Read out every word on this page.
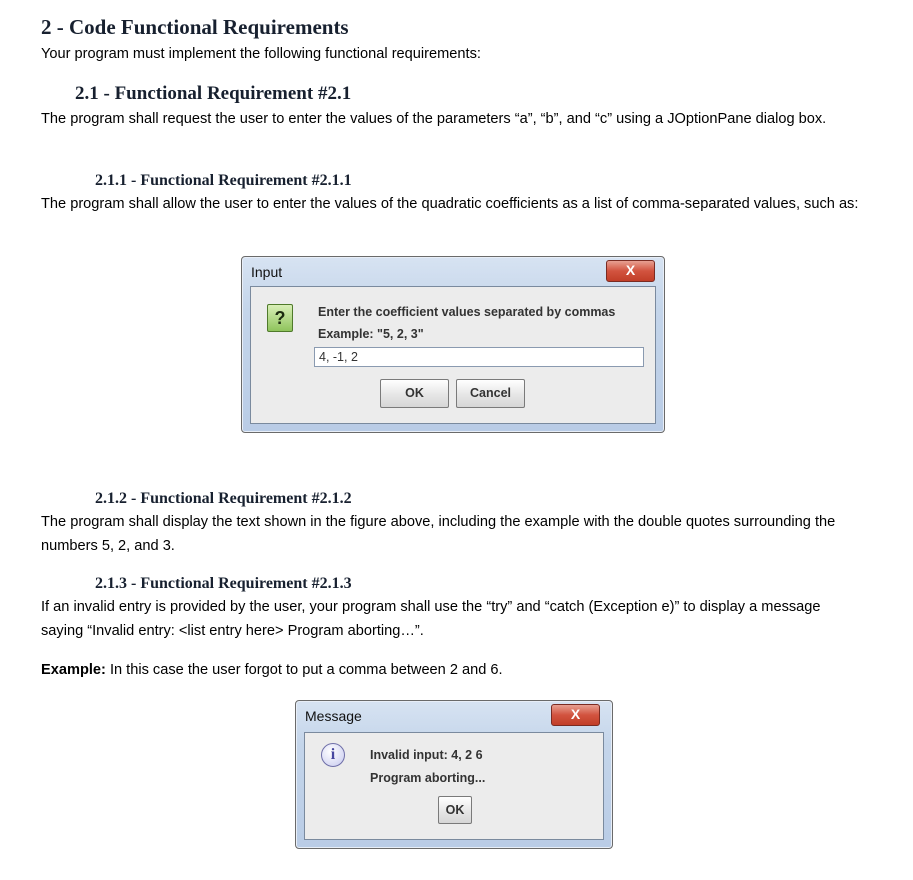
2 - Code Functional Requirements
Your program must implement the following functional requirements:
2.1 - Functional Requirement #2.1
The program shall request the user to enter the values of the parameters “a”, “b”, and “c” using a JOptionPane dialog box.
2.1.1 - Functional Requirement #2.1.1
The program shall allow the user to enter the values of the quadratic coefficients as a list of comma-separated values, such as:
Input	X
?	Enter the coefficient values separated by commas
Example: "5, 2, 3"
4, -1, 2
OK	Cancel
2.1.2 - Functional Requirement #2.1.2
The program shall display the text shown in the figure above, including the example with the double quotes surrounding the numbers 5, 2, and 3.
2.1.3 - Functional Requirement #2.1.3
If an invalid entry is provided by the user, your program shall use the “try” and “catch (Exception e)” to display a message saying “Invalid entry: <list entry here> Program aborting…”.
Example: In this case the user forgot to put a comma between 2 and 6.
Message	X
i	Invalid input: 4, 2 6
Program aborting...
OK
